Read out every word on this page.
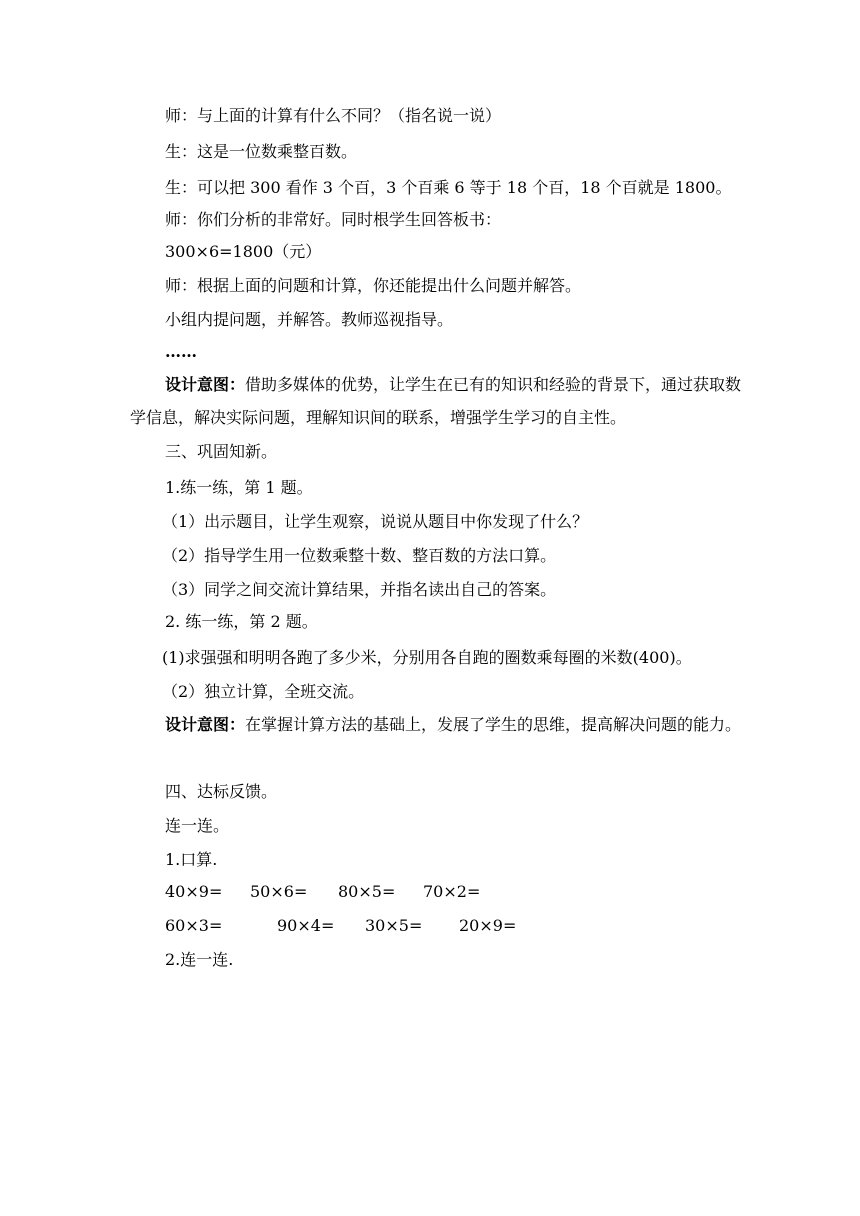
师：与上面的计算有什么不同？（指名说一说）
生：这是一位数乘整百数。
生：可以把 300 看作 3 个百，3 个百乘 6 等于 18 个百，18 个百就是 1800。
师：你们分析的非常好。同时根学生回答板书：
300×6=1800（元）
师：根据上面的问题和计算，你还能提出什么问题并解答。
小组内提问题，并解答。教师巡视指导。
……
设计意图：借助多媒体的优势，让学生在已有的知识和经验的背景下，通过获取数学信息，解决实际问题，理解知识间的联系，增强学生学习的自主性。
三、巩固知新。
1.练一练，第 1 题。
（1）出示题目，让学生观察，说说从题目中你发现了什么？
（2）指导学生用一位数乘整十数、整百数的方法口算。
（3）同学之间交流计算结果，并指名读出自己的答案。
2. 练一练，第 2 题。
(1)求强强和明明各跑了多少米，分别用各自跑的圈数乘每圈的米数(400)。
（2）独立计算，全班交流。
设计意图：在掌握计算方法的基础上，发展了学生的思维，提高解决问题的能力。
四、达标反馈。
连一连。
1.口算.
40×9= 50×6= 80×5= 70×2=
60×3=	90×4= 30×5= 20×9=
2.连一连.
